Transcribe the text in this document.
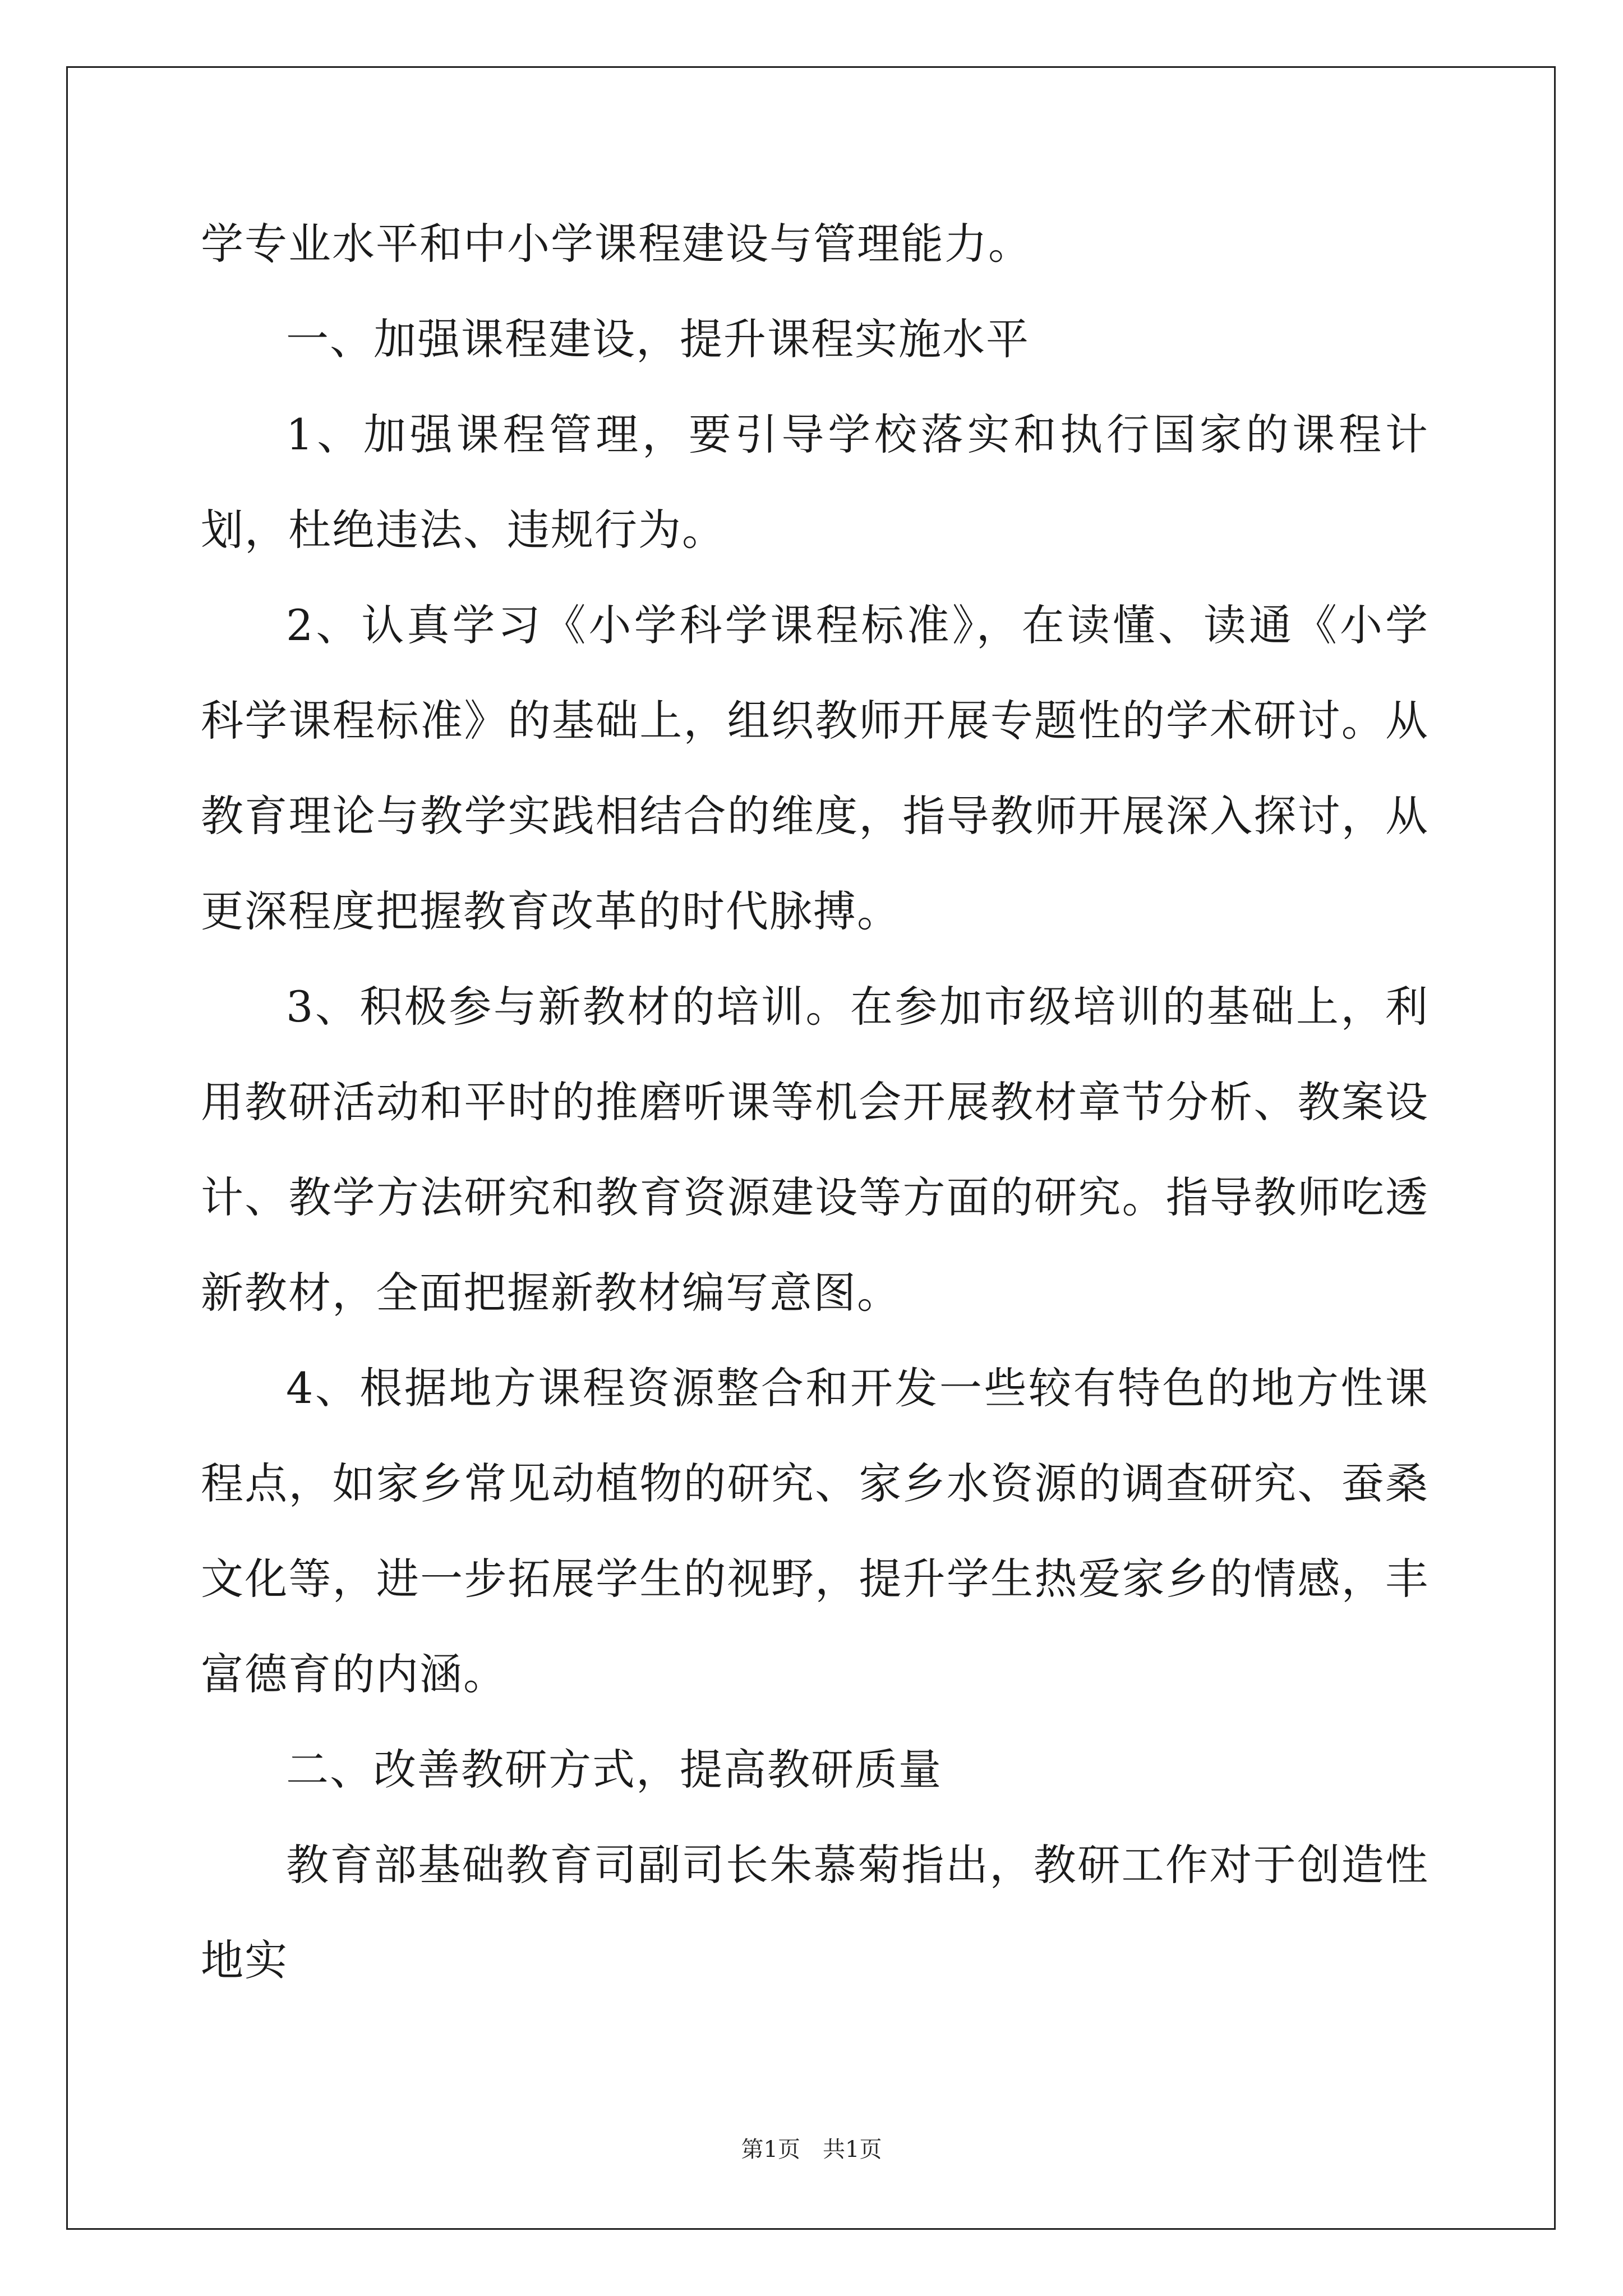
学专业水平和中小学课程建设与管理能力。

一、加强课程建设，提升课程实施水平

1、加强课程管理，要引导学校落实和执行国家的课程计划，杜绝违法、违规行为。

2、认真学习《小学科学课程标准》，在读懂、读通《小学科学课程标准》的基础上，组织教师开展专题性的学术研讨。从教育理论与教学实践相结合的维度，指导教师开展深入探讨，从更深程度把握教育改革的时代脉搏。

3、积极参与新教材的培训。在参加市级培训的基础上，利用教研活动和平时的推磨听课等机会开展教材章节分析、教案设计、教学方法研究和教育资源建设等方面的研究。指导教师吃透新教材，全面把握新教材编写意图。

4、根据地方课程资源整合和开发一些较有特色的地方性课程点，如家乡常见动植物的研究、家乡水资源的调查研究、蚕桑文化等，进一步拓展学生的视野，提升学生热爱家乡的情感，丰富德育的内涵。

二、改善教研方式，提高教研质量

教育部基础教育司副司长朱慕菊指出，教研工作对于创造性地实

第1页 共1页
